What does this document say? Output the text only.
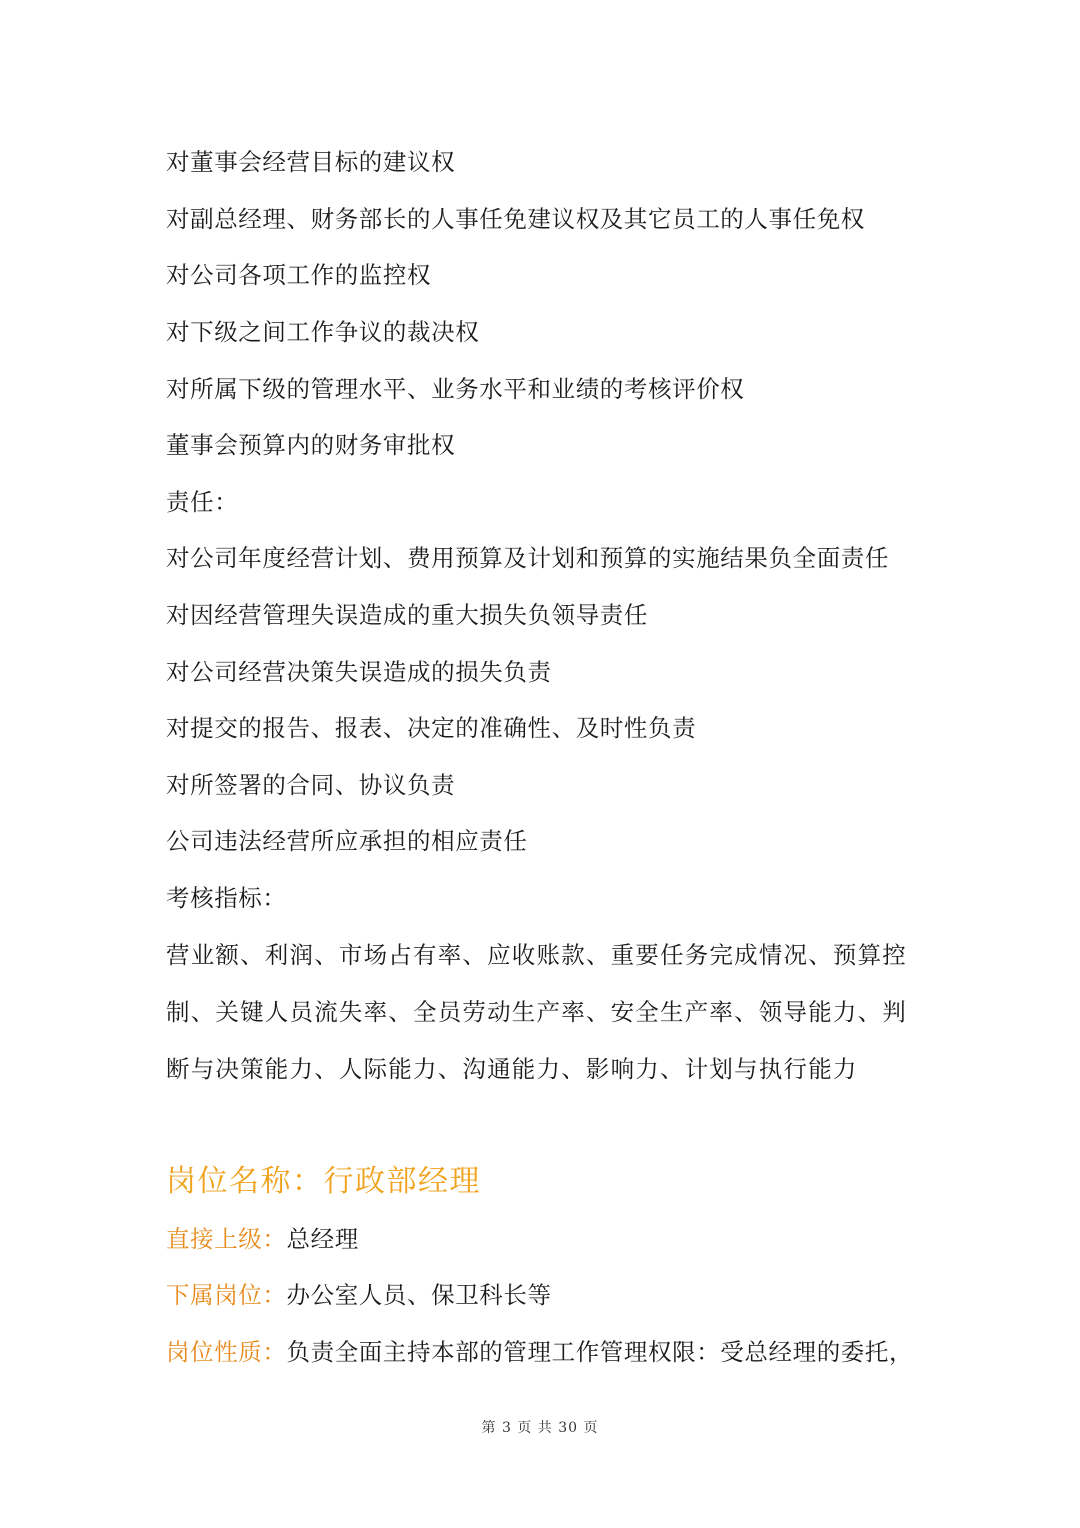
对董事会经营目标的建议权
对副总经理、财务部长的人事任免建议权及其它员工的人事任免权
对公司各项工作的监控权
对下级之间工作争议的裁决权
对所属下级的管理水平、业务水平和业绩的考核评价权
董事会预算内的财务审批权
责任：
对公司年度经营计划、费用预算及计划和预算的实施结果负全面责任
对因经营管理失误造成的重大损失负领导责任
对公司经营决策失误造成的损失负责
对提交的报告、报表、决定的准确性、及时性负责
对所签署的合同、协议负责
公司违法经营所应承担的相应责任
考核指标：
营业额、利润、市场占有率、应收账款、重要任务完成情况、预算控制、关键人员流失率、全员劳动生产率、安全生产率、领导能力、判断与决策能力、人际能力、沟通能力、影响力、计划与执行能力
岗位名称：行政部经理
直接上级：总经理
下属岗位：办公室人员、保卫科长等
岗位性质：负责全面主持本部的管理工作管理权限：受总经理的委托，
第 3 页 共 30 页
